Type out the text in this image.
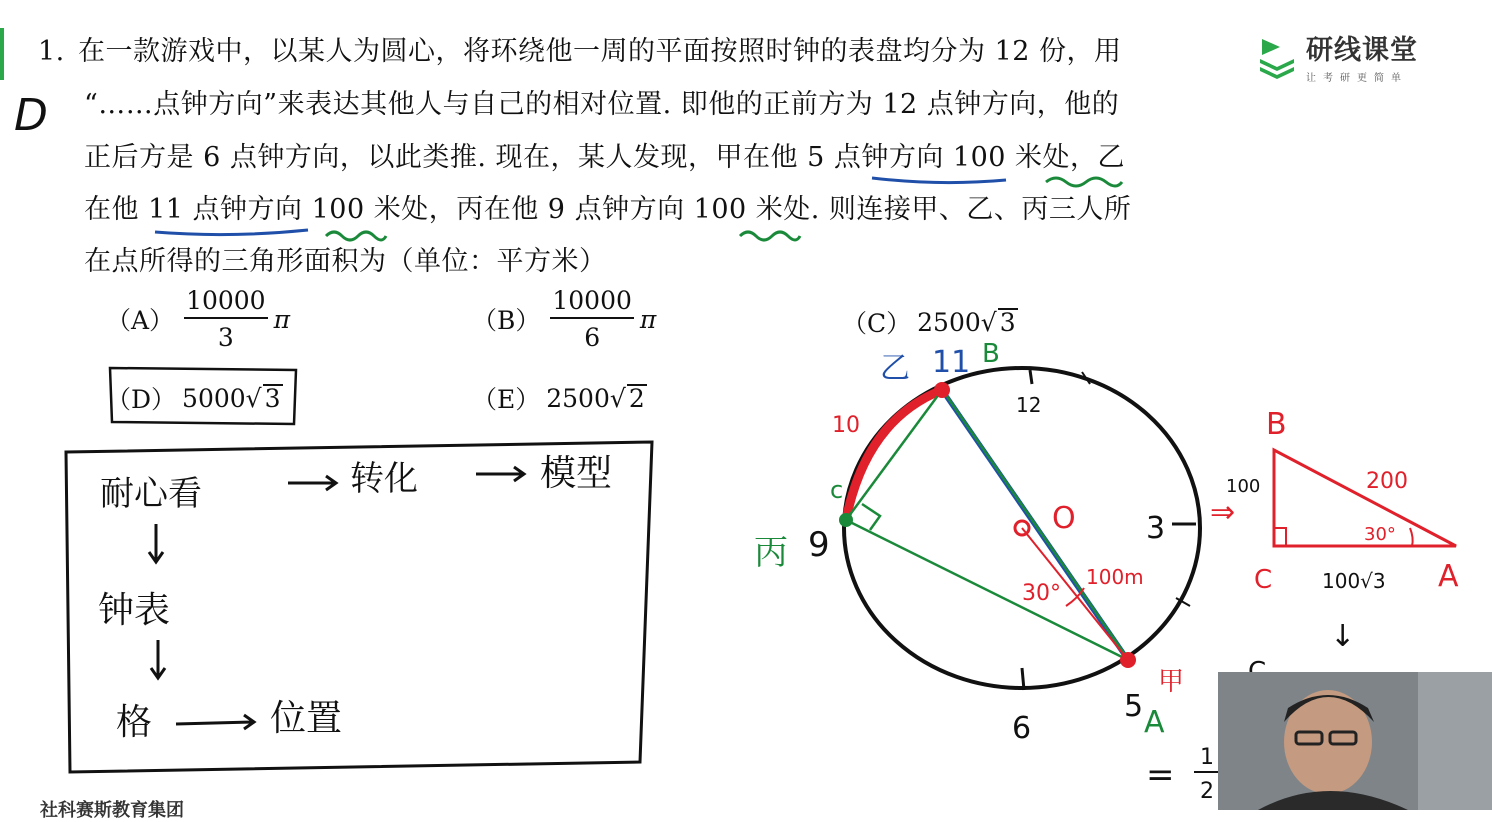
1. 在一款游戏中，以某人为圆心，将环绕他一周的平面按照时钟的表盘均分为 12 份，用
“……点钟方向”来表达其他人与自己的相对位置. 即他的正前方为 12 点钟方向，他的
正后方是 6 点钟方向，以此类推. 现在，某人发现，甲在他 5 点钟方向 100 米处，乙
在他 11 点钟方向 100 米处，丙在他 9 点钟方向 100 米处. 则连接甲、乙、丙三人所
在点所得的三角形面积为（单位：平方米）
$(A) \frac{10000}{3}$ π	$(B) \frac{10000}{6}$ π	（C） 2500 √ 3
（D） 5000 √ 3	（E） 2500 √ 2
研线课堂
让考研更简单
D
耐心看	转化	模型
钟表
格	位置
乙 11 B
12
10
3
c
9
丙
O
100m
30°
6
5 A
甲
⇒
B
C	A
100	200
30°
100√3
↓
= 1
2
社科赛斯教育集团
